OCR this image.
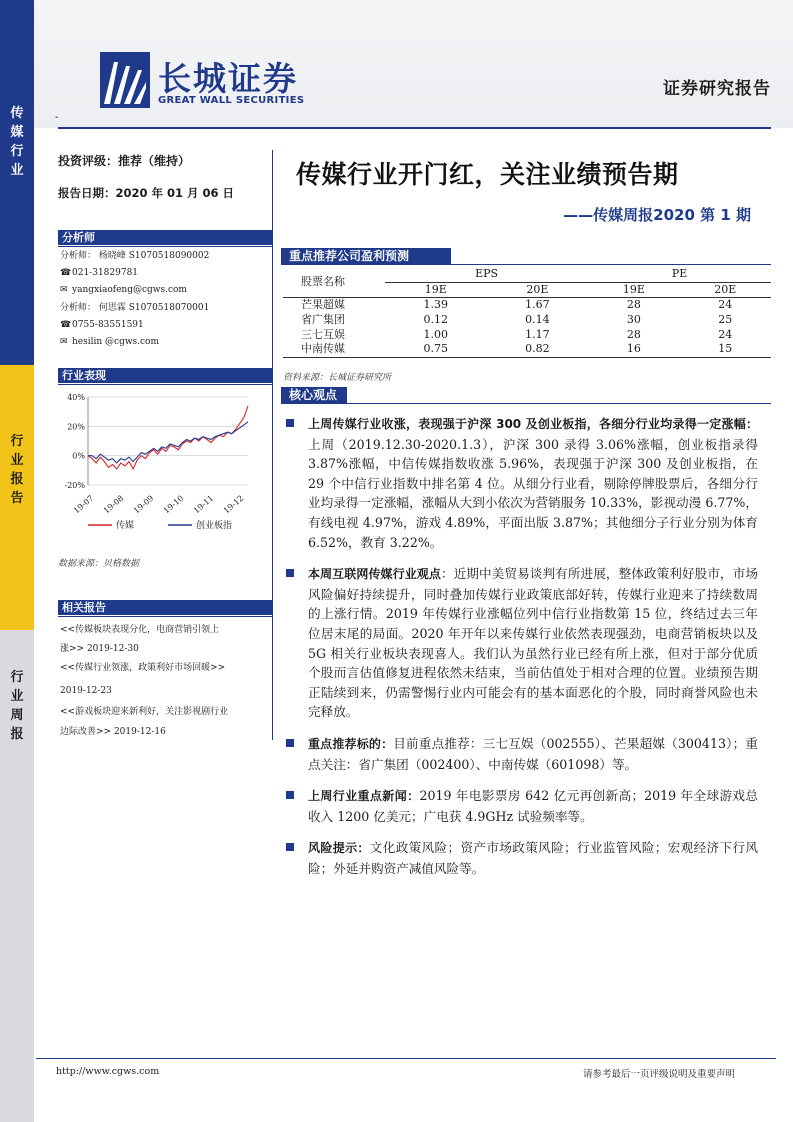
传
媒
行
业
行
业
报
告
行
业
周
报
长城证券
GREAT WALL SECURITIES
证券研究报告
-
投资评级：推荐（维持）
报告日期：2020 年 01 月 06 日
分析师
分析师： 杨晓峰 S1070518090002
☎021-31829781
✉ yangxiaofeng@cgws.com
分析师： 何思霖 S1070518070001
☎0755-83551591
✉ hesilin @cgws.com
行业表现
40%
20%
0%
-20%
19-07 19-08 19-09 19-10 19-11 19-12
传媒	创业板指
数据来源：贝格数据
相关报告
<<传媒板块表现分化，电商营销引领上
涨>> 2019-12-30
<<传媒行业领涨，政策利好市场回暖>>
2019-12-23
<<游戏板块迎来新利好，关注影视剧行业
边际改善>> 2019-12-16
传媒行业开门红，关注业绩预告期
——传媒周报2020 第 1 期
重点推荐公司盈利预测
股票名称	EPS		PE	
	19E	20E	19E	20E
芒果超媒	1.39	1.67	28	24
省广集团	0.12	0.14	30	25
三七互娱	1.00	1.17	28	24
中南传媒	0.75	0.82	16	15
资料来源：长城证券研究所
核心观点
上周传媒行业收涨，表现强于沪深 300 及创业板指，各细分行业均录得一定涨幅：上周（2019.12.30-2020.1.3），沪深 300 录得 3.06%涨幅，创业板指录得 3.87%涨幅，中信传媒指数收涨 5.96%，表现强于沪深 300 及创业板指，在 29 个中信行业指数中排名第 4 位。从细分行业看，剔除停牌股票后，各细分行业均录得一定涨幅，涨幅从大到小依次为营销服务 10.33%，影视动漫 6.77%，有线电视 4.97%，游戏 4.89%，平面出版 3.87%；其他细分子行业分别为体育 6.52%，教育 3.22%。
本周互联网传媒行业观点：近期中美贸易谈判有所进展，整体政策利好股市，市场风险偏好持续提升，同时叠加传媒行业政策底部好转，传媒行业迎来了持续数周的上涨行情。2019 年传媒行业涨幅位列中信行业指数第 15 位，终结过去三年位居末尾的局面。2020 年开年以来传媒行业依然表现强劲，电商营销板块以及 5G 相关行业板块表现喜人。我们认为虽然行业已经有所上涨，但对于部分优质个股而言估值修复进程依然未结束，当前估值处于相对合理的位置。业绩预告期正陆续到来，仍需警惕行业内可能会有的基本面恶化的个股，同时商誉风险也未完释放。
重点推荐标的：目前重点推荐：三七互娱（002555）、芒果超媒（300413）；重点关注：省广集团（002400）、中南传媒（601098）等。
上周行业重点新闻：2019 年电影票房 642 亿元再创新高；2019 年全球游戏总收入 1200 亿美元；广电获 4.9GHz 试验频率等。
风险提示：文化政策风险；资产市场政策风险；行业监管风险；宏观经济下行风险；外延并购资产减值风险等。
http://www.cgws.com	请参考最后一页评级说明及重要声明
